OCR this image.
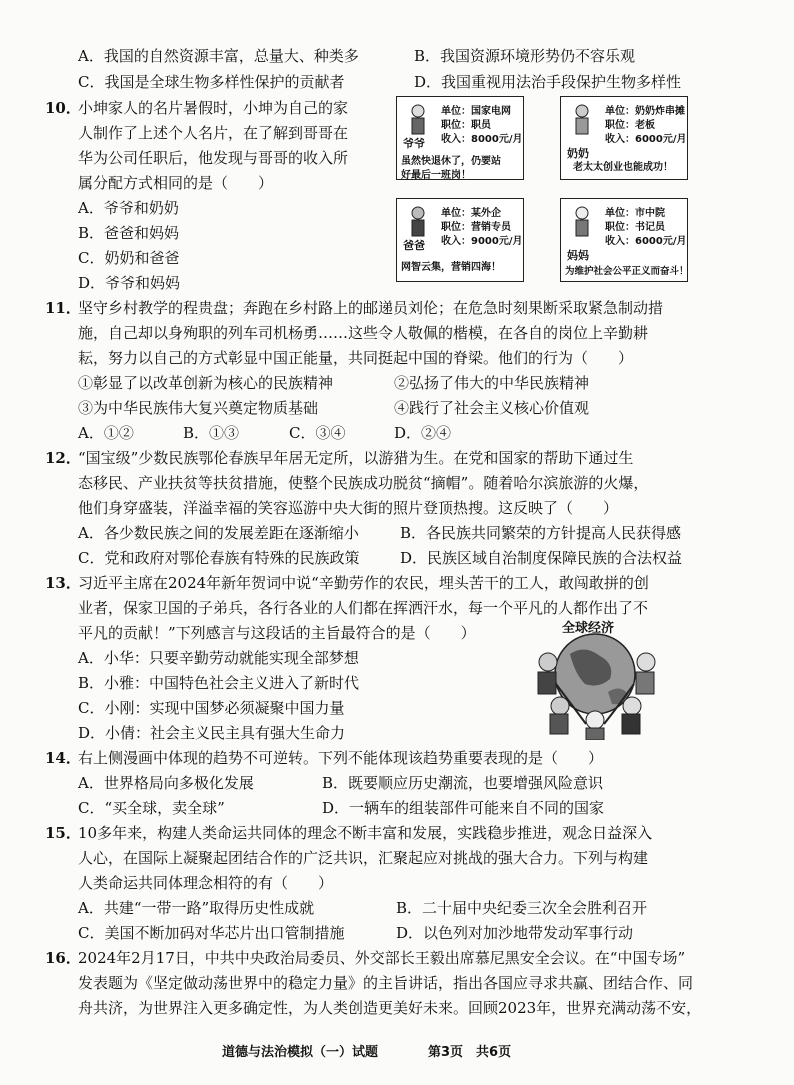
A．我国的自然资源丰富，总量大、种类多	B．我国资源环境形势仍不容乐观
C．我国是全球生物多样性保护的贡献者	D．我国重视用法治手段保护生物多样性
10．
小坤家人的名片暑假时，小坤为自己的家
人制作了上述个人名片，在了解到哥哥在
华为公司任职后，他发现与哥哥的收入所
属分配方式相同的是（　　）
A．爷爷和奶奶
B．爸爸和妈妈
C．奶奶和爸爸
D．爷爷和妈妈
单位：国家电网
职位：职员
收入：8000元/月
爷爷
虽然快退休了，仍要站
好最后一班岗！
单位：奶奶炸串摊
职位：老板
收入：6000元/月
奶奶
老太太创业也能成功！
单位：某外企
职位：营销专员
收入：9000元/月
爸爸
网智云集，营销四海！
单位：市中院
职位：书记员
收入：6000元/月
妈妈
为维护社会公平正义而奋斗！
11．
坚守乡村教学的程贵盘；奔跑在乡村路上的邮递员刘伦；在危急时刻果断采取紧急制动措
施，自己却以身殉职的列车司机杨勇……这些令人敬佩的楷模，在各自的岗位上辛勤耕
耘，努力以自己的方式彰显中国正能量，共同挺起中国的脊梁。他们的行为（　　）
①彰显了以改革创新为核心的民族精神	②弘扬了伟大的中华民族精神
③为中华民族伟大复兴奠定物质基础	④践行了社会主义核心价值观
A．①②	B．①③	C．③④	D．②④
12．
“国宝级”少数民族鄂伦春族早年居无定所，以游猎为生。在党和国家的帮助下通过生
态移民、产业扶贫等扶贫措施，使整个民族成功脱贫“摘帽”。随着哈尔滨旅游的火爆，
他们身穿盛装，洋溢幸福的笑容巡游中央大街的照片登顶热搜。这反映了（　　）
A．各少数民族之间的发展差距在逐渐缩小	B．各民族共同繁荣的方针提高人民获得感
C．党和政府对鄂伦春族有特殊的民族政策	D．民族区域自治制度保障民族的合法权益
13．
习近平主席在2024年新年贺词中说“辛勤劳作的农民，埋头苦干的工人，敢闯敢拼的创
业者，保家卫国的子弟兵，各行各业的人们都在挥洒汗水，每一个平凡的人都作出了不
平凡的贡献！”下列感言与这段话的主旨最符合的是（　　）
A．小华：只要辛勤劳动就能实现全部梦想
B．小雅：中国特色社会主义进入了新时代
C．小刚：实现中国梦必须凝聚中国力量
D．小倩：社会主义民主具有强大生命力
全球经济
14．
右上侧漫画中体现的趋势不可逆转。下列不能体现该趋势重要表现的是（　　）
A．世界格局向多极化发展	B．既要顺应历史潮流，也要增强风险意识
C．“买全球，卖全球”	D．一辆车的组装部件可能来自不同的国家
15．
10多年来，构建人类命运共同体的理念不断丰富和发展，实践稳步推进，观念日益深入
人心，在国际上凝聚起团结合作的广泛共识，汇聚起应对挑战的强大合力。下列与构建
人类命运共同体理念相符的有（　　）
A．共建“一带一路”取得历史性成就	B．二十届中央纪委三次全会胜利召开
C．美国不断加码对华芯片出口管制措施	D．以色列对加沙地带发动军事行动
16．
2024年2月17日，中共中央政治局委员、外交部长王毅出席慕尼黑安全会议。在“中国专场”
发表题为《坚定做动荡世界中的稳定力量》的主旨讲话，指出各国应寻求共赢、团结合作、同
舟共济，为世界注入更多确定性，为人类创造更美好未来。回顾2023年，世界充满动荡不安，
道德与法治模拟（一）试题	第3页　共6页
